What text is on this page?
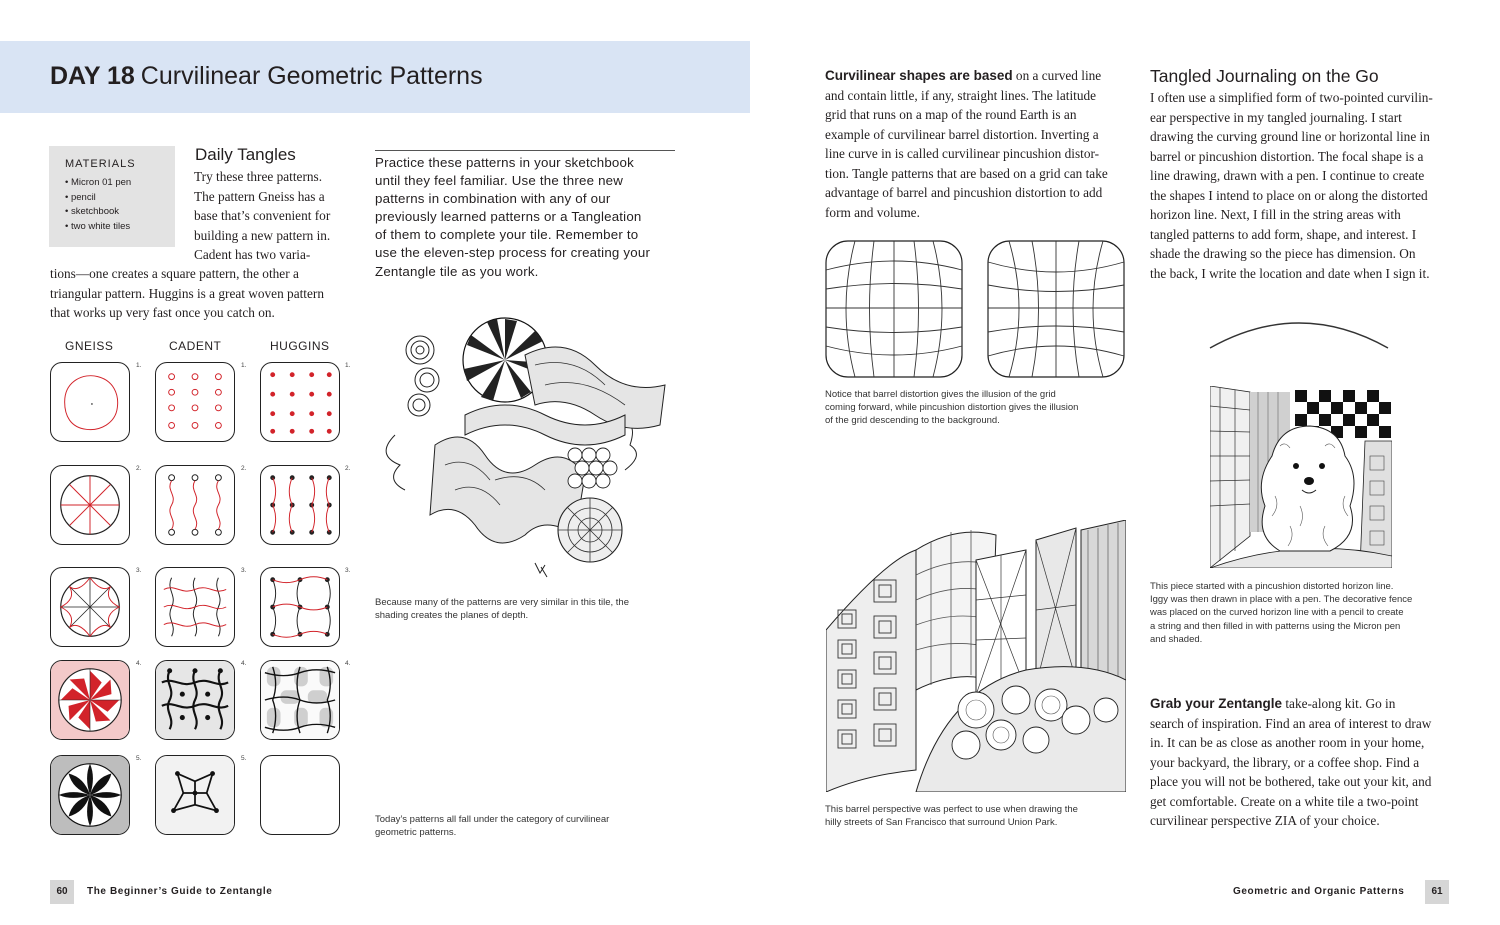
DAY 18 Curvilinear Geometric Patterns
MATERIALS
• Micron 01 pen
• pencil
• sketchbook
• two white tiles
Daily Tangles
Try these three patterns.
The pattern Gneiss has a
base that’s convenient for
building a new pattern in.
Cadent has two varia-
tions—one creates a square pattern, the other a
triangular pattern. Huggins is a great woven pattern
that works up very fast once you catch on.
GNEISS	CADENT	HUGGINS
1.	1.	1.
2.	2.	2.
3.	3.	3.
4.	4.	4.
5.	5.
Practice these patterns in your sketchbook
until they feel familiar. Use the three new
patterns in combination with any of our
previously learned patterns or a Tangleation
of them to complete your tile. Remember to
use the eleven-step process for creating your
Zentangle tile as you work.
Because many of the patterns are very similar in this tile, the
shading creates the planes of depth.
Today’s patterns all fall under the category of curvilinear
geometric patterns.
Curvilinear shapes are based on a curved line
and contain little, if any, straight lines. The latitude
grid that runs on a map of the round Earth is an
example of curvilinear barrel distortion. Inverting a
line curve in is called curvilinear pincushion distor-
tion. Tangle patterns that are based on a grid can take
advantage of barrel and pincushion distortion to add
form and volume.
Notice that barrel distortion gives the illusion of the grid
coming forward, while pincushion distortion gives the illusion
of the grid descending to the background.
This barrel perspective was perfect to use when drawing the
hilly streets of San Francisco that surround Union Park.
Tangled Journaling on the Go
I often use a simplified form of two-pointed curvilin-
ear perspective in my tangled journaling. I start
drawing the curving ground line or horizontal line in
barrel or pincushion distortion. The focal shape is a
line drawing, drawn with a pen. I continue to create
the shapes I intend to place on or along the distorted
horizon line. Next, I fill in the string areas with
tangled patterns to add form, shape, and interest. I
shade the drawing so the piece has dimension. On
the back, I write the location and date when I sign it.
This piece started with a pincushion distorted horizon line.
Iggy was then drawn in place with a pen. The decorative fence
was placed on the curved horizon line with a pencil to create
a string and then filled in with patterns using the Micron pen
and shaded.
Grab your Zentangle take-along kit. Go in
search of inspiration. Find an area of interest to draw
in. It can be as close as another room in your home,
your backyard, the library, or a coffee shop. Find a
place you will not be bothered, take out your kit, and
get comfortable. Create on a white tile a two-point
curvilinear perspective ZIA of your choice.
60	The Beginner’s Guide to Zentangle	Geometric and Organic Patterns	61
